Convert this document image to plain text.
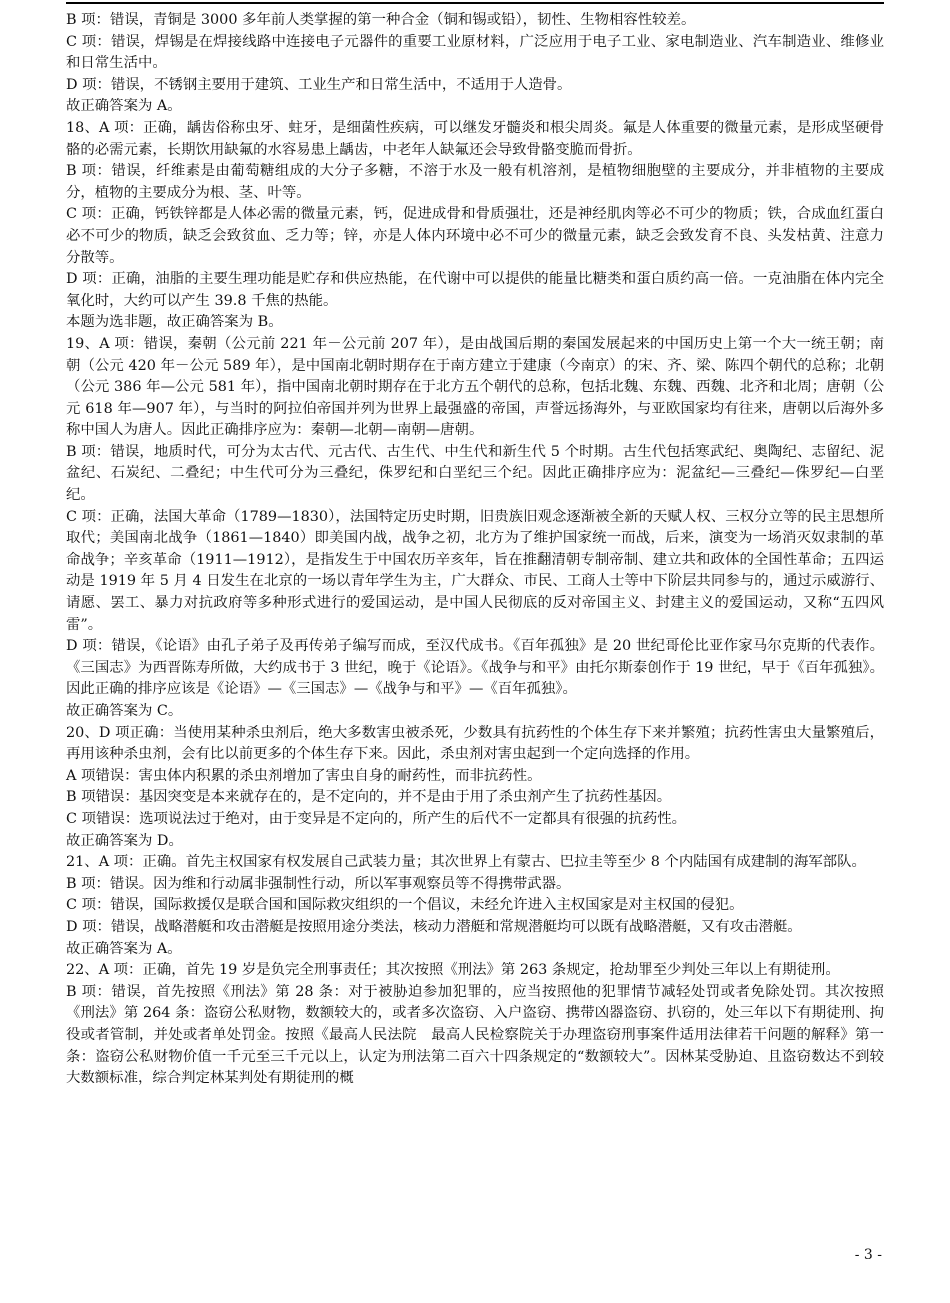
B 项：错误，青铜是 3000 多年前人类掌握的第一种合金（铜和锡或铅），韧性、生物相容性较差。

C 项：错误，焊锡是在焊接线路中连接电子元器件的重要工业原材料，广泛应用于电子工业、家电制造业、汽车制造业、维修业和日常生活中。

D 项：错误，不锈钢主要用于建筑、工业生产和日常生活中，不适用于人造骨。

故正确答案为 A。

18、A 项：正确，龋齿俗称虫牙、蛀牙，是细菌性疾病，可以继发牙髓炎和根尖周炎。氟是人体重要的微量元素，是形成坚硬骨骼的必需元素，长期饮用缺氟的水容易患上龋齿，中老年人缺氟还会导致骨骼变脆而骨折。

B 项：错误，纤维素是由葡萄糖组成的大分子多糖，不溶于水及一般有机溶剂，是植物细胞壁的主要成分，并非植物的主要成分，植物的主要成分为根、茎、叶等。

C 项：正确，钙铁锌都是人体必需的微量元素，钙，促进成骨和骨质强壮，还是神经肌肉等必不可少的物质；铁，合成血红蛋白必不可少的物质，缺乏会致贫血、乏力等；锌，亦是人体内环境中必不可少的微量元素，缺乏会致发育不良、头发枯黄、注意力分散等。

D 项：正确，油脂的主要生理功能是贮存和供应热能，在代谢中可以提供的能量比糖类和蛋白质约高一倍。一克油脂在体内完全氧化时，大约可以产生 39.8 千焦的热能。

本题为选非题，故正确答案为 B。

19、A 项：错误，秦朝（公元前 221 年－公元前 207 年），是由战国后期的秦国发展起来的中国历史上第一个大一统王朝；南朝（公元 420 年－公元 589 年），是中国南北朝时期存在于南方建立于建康（今南京）的宋、齐、梁、陈四个朝代的总称；北朝（公元 386 年—公元 581 年），指中国南北朝时期存在于北方五个朝代的总称，包括北魏、东魏、西魏、北齐和北周；唐朝（公元 618 年—907 年），与当时的阿拉伯帝国并列为世界上最强盛的帝国，声誉远扬海外，与亚欧国家均有往来，唐朝以后海外多称中国人为唐人。因此正确排序应为：秦朝—北朝—南朝—唐朝。

B 项：错误，地质时代，可分为太古代、元古代、古生代、中生代和新生代 5 个时期。古生代包括寒武纪、奥陶纪、志留纪、泥盆纪、石炭纪、二叠纪；中生代可分为三叠纪，侏罗纪和白垩纪三个纪。因此正确排序应为：泥盆纪—三叠纪—侏罗纪—白垩纪。

C 项：正确，法国大革命（1789—1830），法国特定历史时期，旧贵族旧观念逐渐被全新的天赋人权、三权分立等的民主思想所取代；美国南北战争（1861—1840）即美国内战，战争之初，北方为了维护国家统一而战，后来，演变为一场消灭奴隶制的革命战争；辛亥革命（1911—1912），是指发生于中国农历辛亥年，旨在推翻清朝专制帝制、建立共和政体的全国性革命；五四运动是 1919 年 5 月 4 日发生在北京的一场以青年学生为主，广大群众、市民、工商人士等中下阶层共同参与的，通过示威游行、请愿、罢工、暴力对抗政府等多种形式进行的爱国运动，是中国人民彻底的反对帝国主义、封建主义的爱国运动，又称“五四风雷”。

D 项：错误，《论语》由孔子弟子及再传弟子编写而成，至汉代成书。《百年孤独》是 20 世纪哥伦比亚作家马尔克斯的代表作。《三国志》为西晋陈寿所做，大约成书于 3 世纪，晚于《论语》。《战争与和平》由托尔斯泰创作于 19 世纪，早于《百年孤独》。因此正确的排序应该是《论语》—《三国志》—《战争与和平》—《百年孤独》。

故正确答案为 C。

20、D 项正确：当使用某种杀虫剂后，绝大多数害虫被杀死，少数具有抗药性的个体生存下来并繁殖；抗药性害虫大量繁殖后，再用该种杀虫剂，会有比以前更多的个体生存下来。因此，杀虫剂对害虫起到一个定向选择的作用。

A 项错误：害虫体内积累的杀虫剂增加了害虫自身的耐药性，而非抗药性。

B 项错误：基因突变是本来就存在的，是不定向的，并不是由于用了杀虫剂产生了抗药性基因。

C 项错误：选项说法过于绝对，由于变异是不定向的，所产生的后代不一定都具有很强的抗药性。

故正确答案为 D。

21、A 项：正确。首先主权国家有权发展自己武装力量；其次世界上有蒙古、巴拉圭等至少 8 个内陆国有成建制的海军部队。

B 项：错误。因为维和行动属非强制性行动，所以军事观察员等不得携带武器。

C 项：错误，国际救援仅是联合国和国际救灾组织的一个倡议，未经允许进入主权国家是对主权国的侵犯。

D 项：错误，战略潜艇和攻击潜艇是按照用途分类法，核动力潜艇和常规潜艇均可以既有战略潜艇，又有攻击潜艇。

故正确答案为 A。

22、A 项：正确，首先 19 岁是负完全刑事责任；其次按照《刑法》第 263 条规定，抢劫罪至少判处三年以上有期徒刑。

B 项：错误，首先按照《刑法》第 28 条：对于被胁迫参加犯罪的，应当按照他的犯罪情节减轻处罚或者免除处罚。其次按照《刑法》第 264 条：盗窃公私财物，数额较大的，或者多次盗窃、入户盗窃、携带凶器盗窃、扒窃的，处三年以下有期徒刑、拘役或者管制，并处或者单处罚金。按照《最高人民法院　最高人民检察院关于办理盗窃刑事案件适用法律若干问题的解释》第一条：盗窃公私财物价值一千元至三千元以上，认定为刑法第二百六十四条规定的“数额较大”。因林某受胁迫、且盗窃数达不到较大数额标准，综合判定林某判处有期徒刑的概

- 3 -
